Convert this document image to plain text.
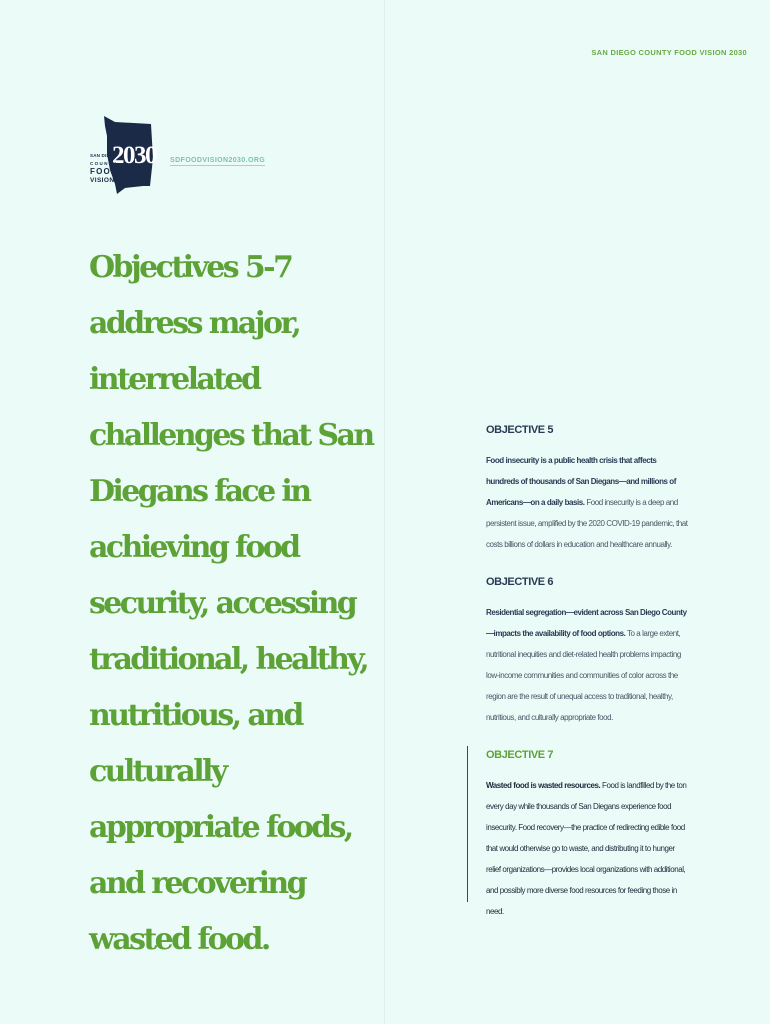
SAN DIEGO COUNTY FOOD VISION 2030
2030
SAN DIEGO
COUNTY
FOOD
VISION
SDFOODVISION2030.ORG
Objectives 5-7 address major, interrelated challenges that San Diegans face in achieving food security, accessing traditional, healthy, nutritious, and culturally appropriate foods, and recovering wasted food.
OBJECTIVE 5

Food insecurity is a public health crisis that affects hundreds of thousands of San Diegans—and millions of Americans—on a daily basis. Food insecurity is a deep and persistent issue, amplified by the 2020 COVID-19 pandemic, that costs billions of dollars in education and healthcare annually.

OBJECTIVE 6

Residential segregation—evident across San Diego County—impacts the availability of food options. To a large extent, nutritional inequities and diet-related health problems impacting low-income communities and communities of color across the region are the result of unequal access to traditional, healthy, nutritious, and culturally appropriate food.

OBJECTIVE 7

Wasted food is wasted resources. Food is landfilled by the ton every day while thousands of San Diegans experience food insecurity. Food recovery—the practice of redirecting edible food that would otherwise go to waste, and distributing it to hunger relief organizations—provides local organizations with additional, and possibly more diverse food resources for feeding those in need.
